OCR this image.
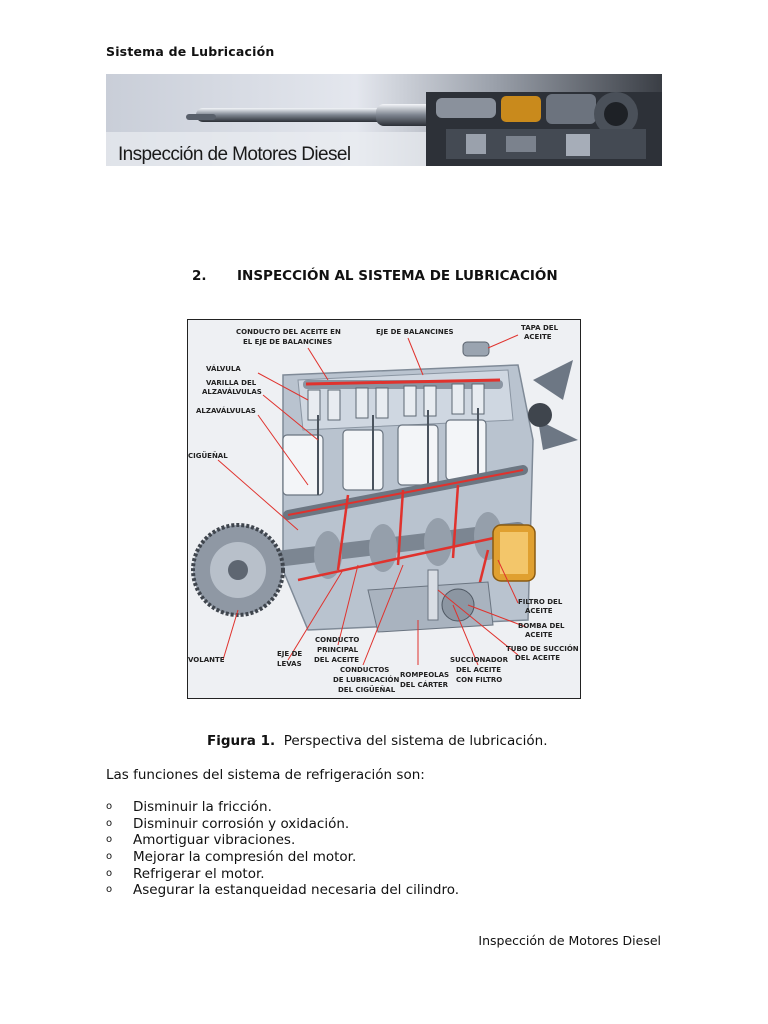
Sistema de Lubricación
Inspección de Motores Diesel
2. INSPECCIÓN AL SISTEMA DE LUBRICACIÓN
CONDUCTO DEL ACEITE EN
EL EJE DE BALANCINES
EJE DE BALANCINES	TAPA DEL
ACEITE
VÁLVULA
VARILLA DEL
ALZAVÁLVULAS
ALZAVÁLVULAS
CIGÜEÑAL
FILTRO DEL
ACEITE
BOMBA DEL
ACEITE
TUBO DE SUCCIÓN
DEL ACEITE
VOLANTE
EJE DE
LEVAS
CONDUCTO
PRINCIPAL
DEL ACEITE
CONDUCTOS
DE LUBRICACIÓN
DEL CIGÜEÑAL
ROMPEOLAS
DEL CÁRTER
SUCCIONADOR
DEL ACEITE
CON FILTRO
Figura 1. Perspectiva del sistema de lubricación.
Las funciones del sistema de refrigeración son:
o Disminuir la fricción.
o Disminuir corrosión y oxidación.
o Amortiguar vibraciones.
o Mejorar la compresión del motor.
o Refrigerar el motor.
o Asegurar la estanqueidad necesaria del cilindro.
Inspección de Motores Diesel
